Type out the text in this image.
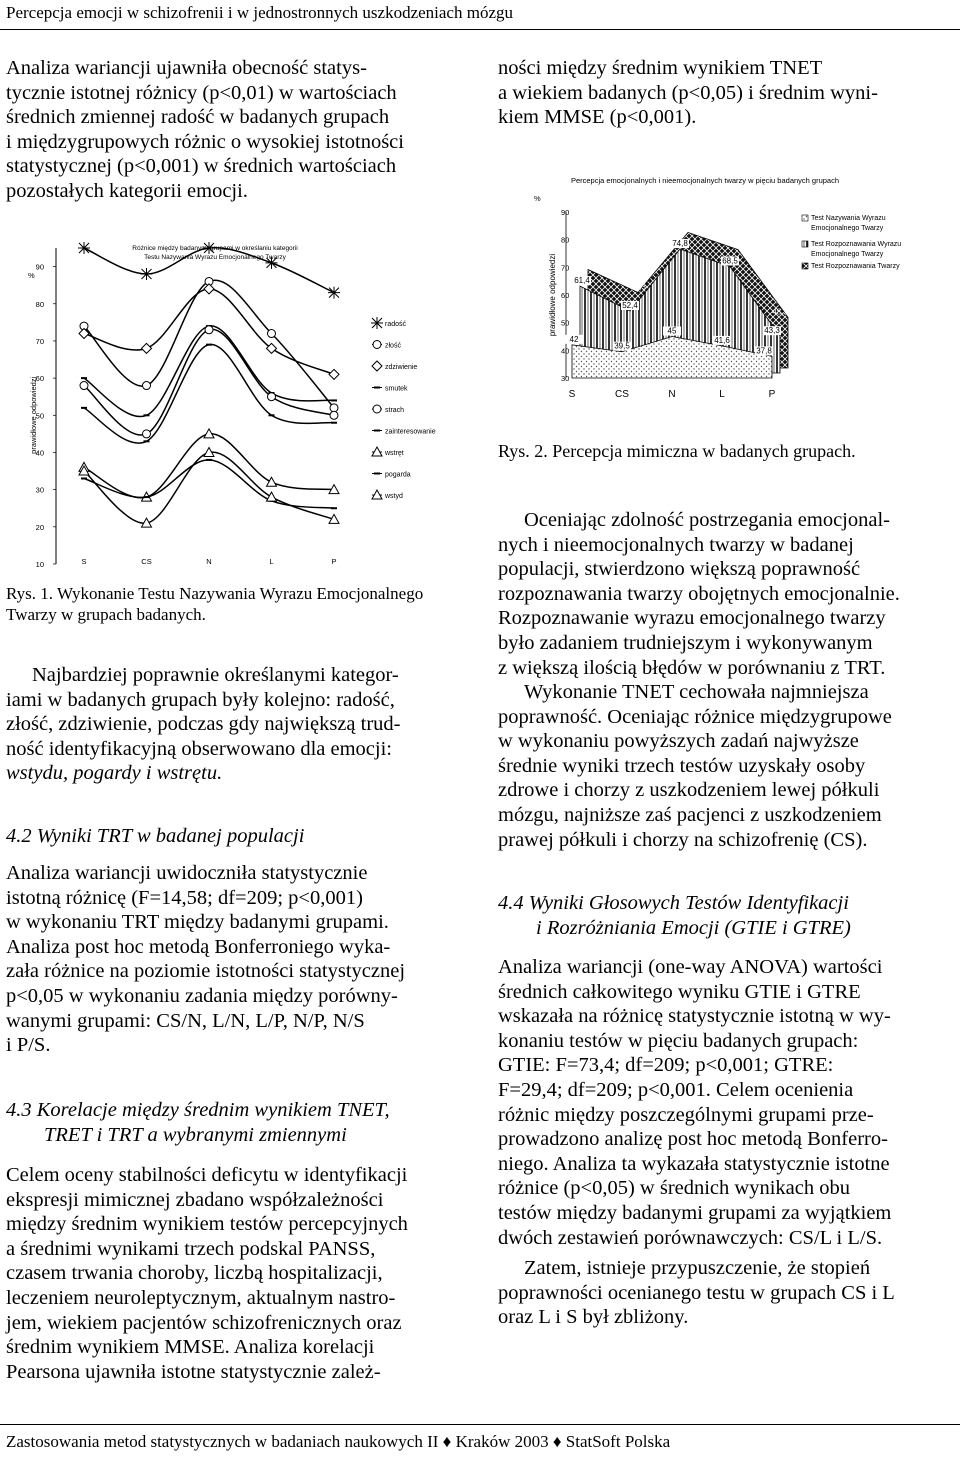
Percepcja emocji w schizofrenii i w jednostronnych uszkodzeniach mózgu

Analiza wariancji ujawniła obecność statys-

tycznie istotnej różnicy (p<0,01) w wartościach

średnich zmiennej radość w badanych grupach

i międzygrupowych różnic o wysokiej istotności

statystycznej (p<0,001) w średnich wartościach

pozostałych kategorii emocji.

10
20
30
40
50
60
70
80
90
%
prawidłowe odpowiedzi
S	CS	N	L	P
Różnice między badanymi grupami w określaniu kategorii
Testu Nazywania Wyrazu Emocjonalnego Twarzy
radość
złość
zdziwienie
smutek
strach
zainteresowanie
wstręt
pogarda
wstyd
Rys. 1. Wykonanie Testu Nazywania Wyrazu Emocjonalnego
Twarzy w grupach badanych.

Najbardziej poprawnie określanymi kategor-

iami w badanych grupach były kolejno: radość,

złość, zdziwienie, podczas gdy największą trud-

ność identyfikacyjną obserwowano dla emocji:

wstydu, pogardy i wstrętu.

4.2 Wyniki TRT w badanej populacji

Analiza wariancji uwidoczniła statystycznie

istotną różnicę (F=14,58; df=209; p<0,001)

w wykonaniu TRT między badanymi grupami.

Analiza post hoc metodą Bonferroniego wyka-

zała różnice na poziomie istotności statystycznej

p<0,05 w wykonaniu zadania między porówny-

wanymi grupami: CS/N, L/N, L/P, N/P, N/S

i P/S.

4.3 Korelacje między średnim wynikiem TNET,
TRET i TRT a wybranymi zmiennymi

Celem oceny stabilności deficytu w identyfikacji

ekspresji mimicznej zbadano współzależności

między średnim wynikiem testów percepcyjnych

a średnimi wynikami trzech podskal PANSS,

czasem trwania choroby, liczbą hospitalizacji,

leczeniem neuroleptycznym, aktualnym nastro-

jem, wiekiem pacjentów schizofrenicznych oraz

średnim wynikiem MMSE. Analiza korelacji

Pearsona ujawniła istotne statystycznie zależ-

ności między średnim wynikiem TNET

a wiekiem badanych (p<0,05) i średnim wyni-

kiem MMSE (p<0,001).

Percepcja emocjonalnych i nieemocjonalnych twarzy w pięciu badanych grupach
%
prawidłowe odpowiedzi
30
40
50
60
70
80
90
S	CS	N	L	P
65,6
57,3
79
72,8
48,3
61,4
52,4
74,8
68,5
43,3
42
39,5
45
41,6
37,8
Test Nazywania Wyrazu
Emocjonalnego Twarzy
Test Rozpoznawania Wyrazu
Emocjonalnego Twarzy
Test Rozpoznawania Twarzy
Rys. 2. Percepcja mimiczna w badanych grupach.

Oceniając zdolność postrzegania emocjonal-

nych i nieemocjonalnych twarzy w badanej

populacji, stwierdzono większą poprawność

rozpoznawania twarzy obojętnych emocjonalnie.

Rozpoznawanie wyrazu emocjonalnego twarzy

było zadaniem trudniejszym i wykonywanym

z większą ilością błędów w porównaniu z TRT.

Wykonanie TNET cechowała najmniejsza

poprawność. Oceniając różnice międzygrupowe

w wykonaniu powyższych zadań najwyższe

średnie wyniki trzech testów uzyskały osoby

zdrowe i chorzy z uszkodzeniem lewej półkuli

mózgu, najniższe zaś pacjenci z uszkodzeniem

prawej półkuli i chorzy na schizofrenię (CS).

4.4 Wyniki Głosowych Testów Identyfikacji
i Rozróżniania Emocji (GTIE i GTRE)

Analiza wariancji (one-way ANOVA) wartości

średnich całkowitego wyniku GTIE i GTRE

wskazała na różnicę statystycznie istotną w wy-

konaniu testów w pięciu badanych grupach:

GTIE: F=73,4; df=209; p<0,001; GTRE:

F=29,4; df=209; p<0,001. Celem ocenienia

różnic między poszczególnymi grupami prze-

prowadzono analizę post hoc metodą Bonferro-

niego. Analiza ta wykazała statystycznie istotne

różnice (p<0,05) w średnich wynikach obu

testów między badanymi grupami za wyjątkiem

dwóch zestawień porównawczych: CS/L i L/S.

Zatem, istnieje przypuszczenie, że stopień

poprawności ocenianego testu w grupach CS i L

oraz L i S był zbliżony.

Zastosowania metod statystycznych w badaniach naukowych II ♦ Kraków 2003 ♦ StatSoft Polska
